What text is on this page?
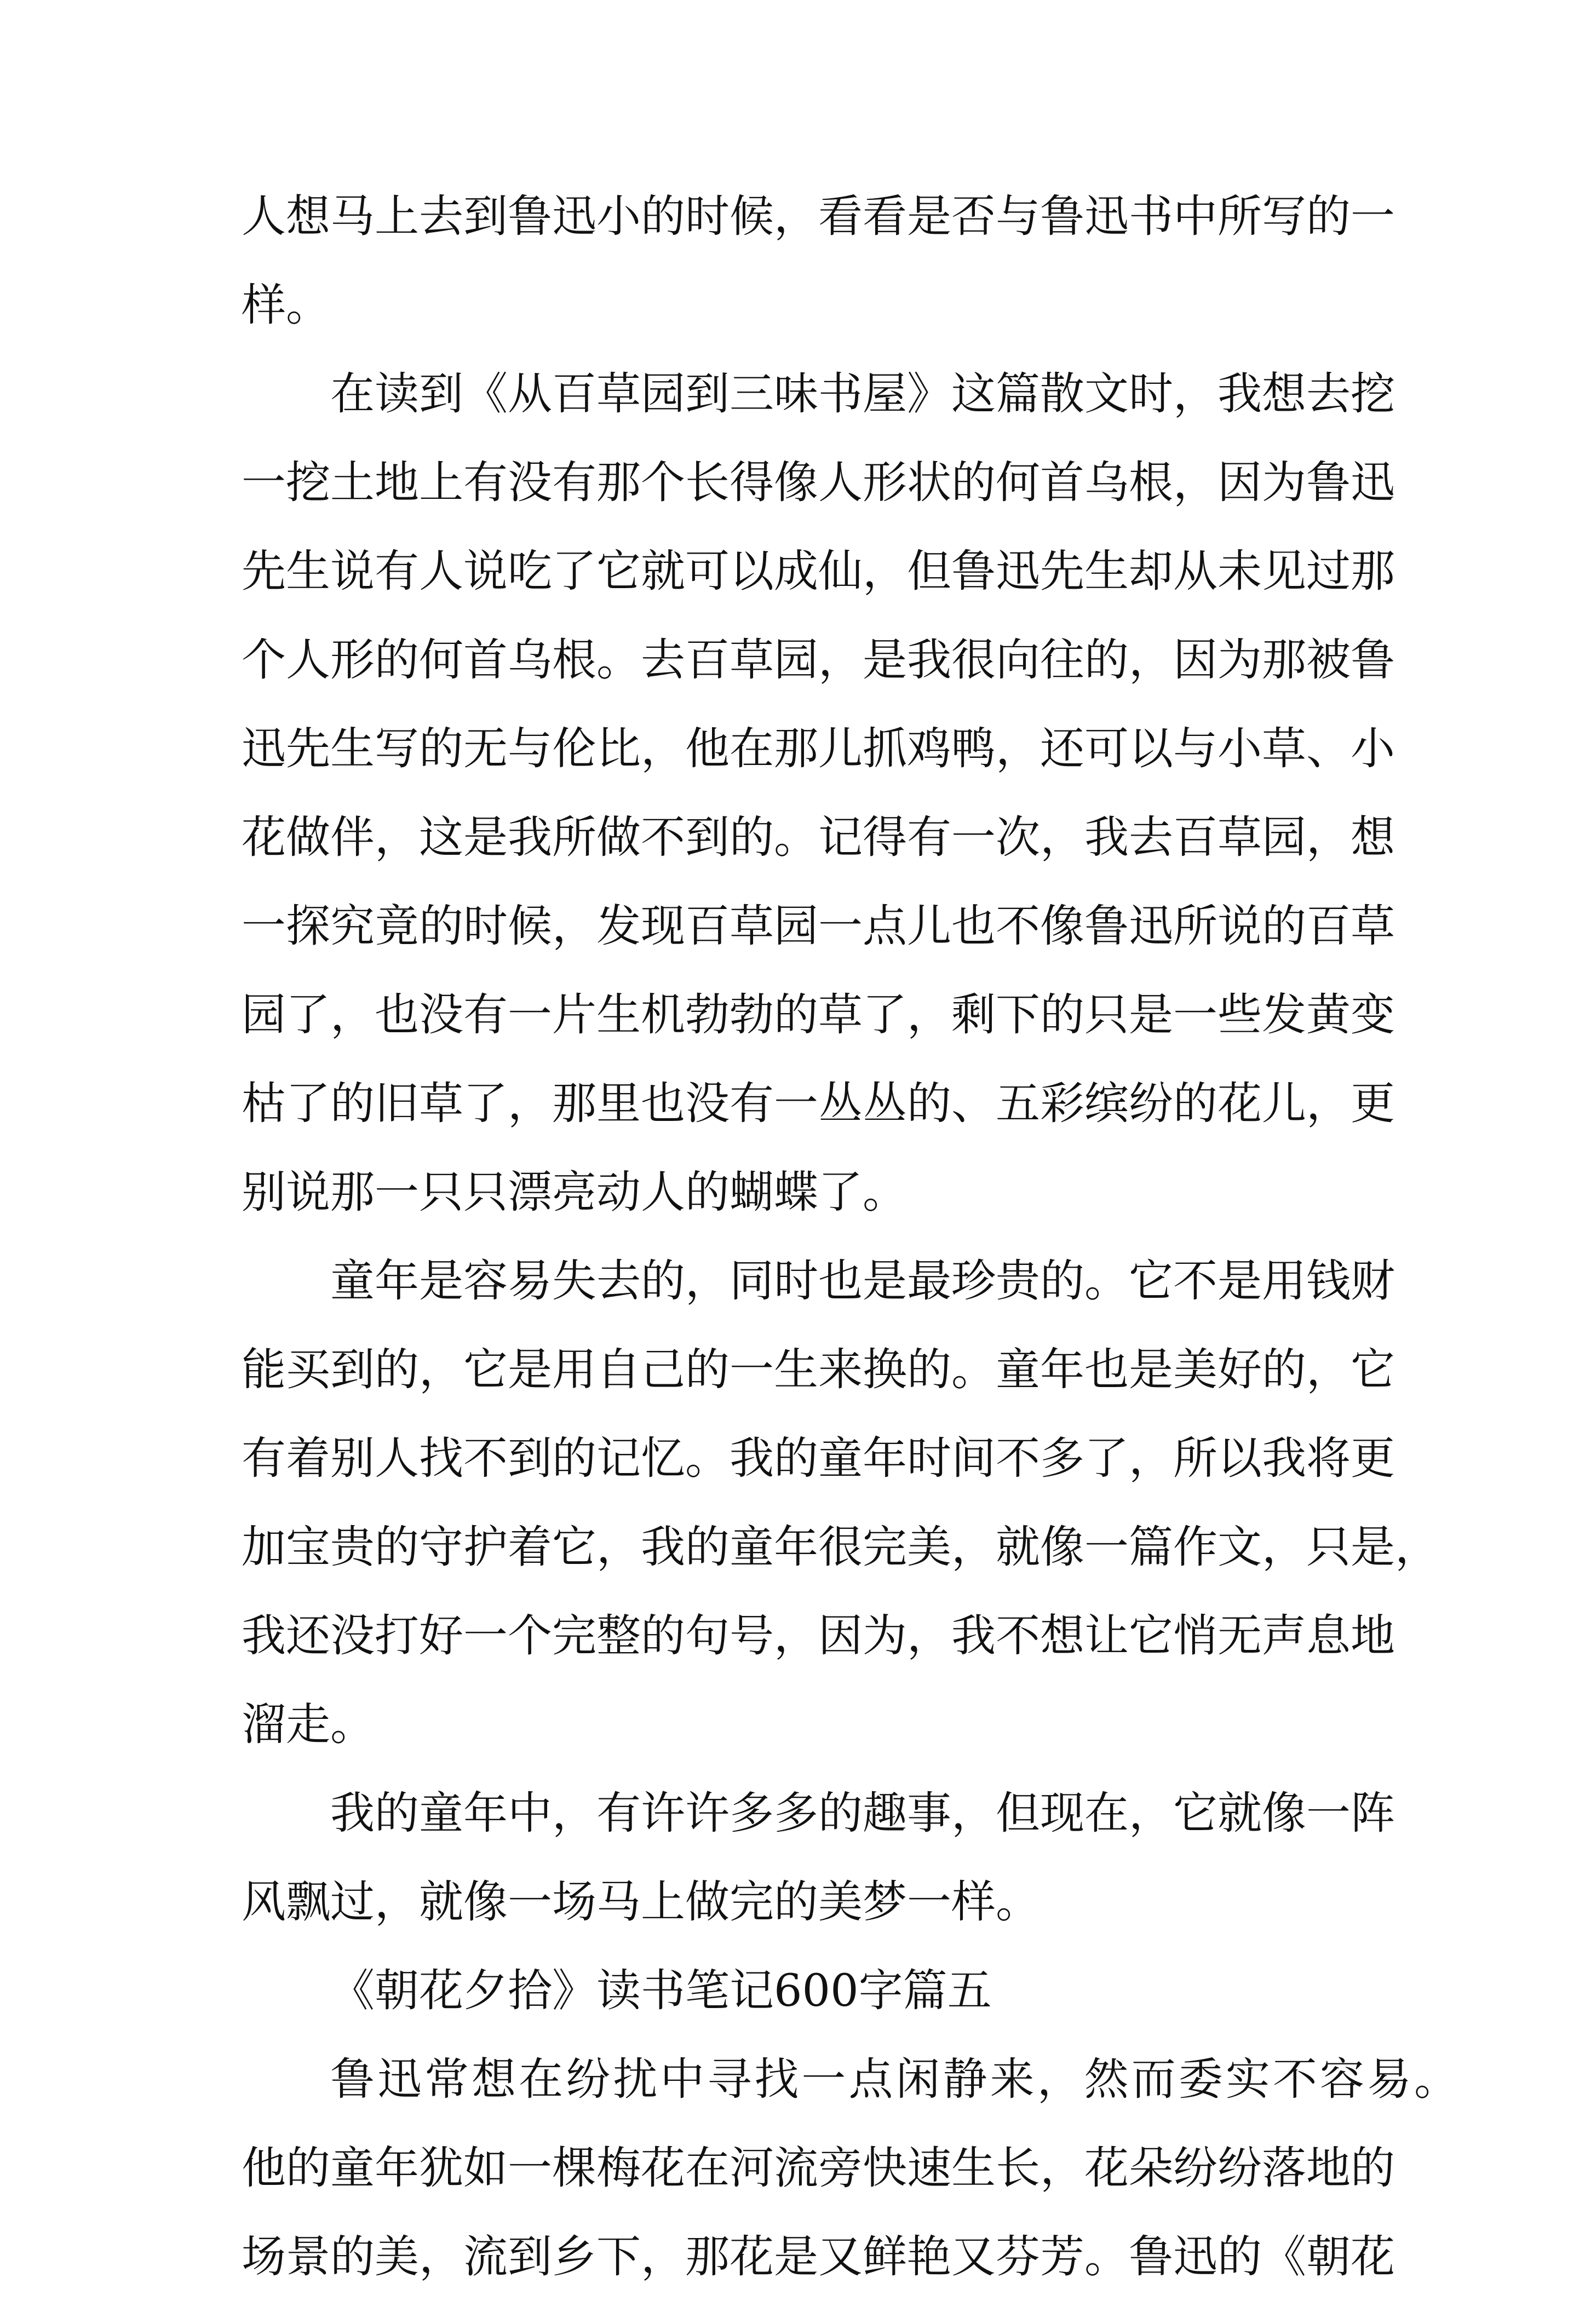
人想马上去到鲁迅小的时候，看看是否与鲁迅书中所写的一
样。
在读到《从百草园到三味书屋》这篇散文时，我想去挖
一挖土地上有没有那个长得像人形状的何首乌根，因为鲁迅
先生说有人说吃了它就可以成仙，但鲁迅先生却从未见过那
个人形的何首乌根。去百草园，是我很向往的，因为那被鲁
迅先生写的无与伦比，他在那儿抓鸡鸭，还可以与小草、小
花做伴，这是我所做不到的。记得有一次，我去百草园，想
一探究竟的时候，发现百草园一点儿也不像鲁迅所说的百草
园了，也没有一片生机勃勃的草了，剩下的只是一些发黄变
枯了的旧草了，那里也没有一丛丛的、五彩缤纷的花儿，更
别说那一只只漂亮动人的蝴蝶了。
童年是容易失去的，同时也是最珍贵的。它不是用钱财
能买到的，它是用自己的一生来换的。童年也是美好的，它
有着别人找不到的记忆。我的童年时间不多了，所以我将更
加宝贵的守护着它，我的童年很完美，就像一篇作文，只是，
我还没打好一个完整的句号，因为，我不想让它悄无声息地
溜走。
我的童年中，有许许多多的趣事，但现在，它就像一阵
风飘过，就像一场马上做完的美梦一样。
《朝花夕拾》读书笔记600字篇五
鲁迅常想在纷扰中寻找一点闲静来，然而委实不容易。
他的童年犹如一棵梅花在河流旁快速生长，花朵纷纷落地的
场景的美，流到乡下，那花是又鲜艳又芬芳。鲁迅的《朝花
